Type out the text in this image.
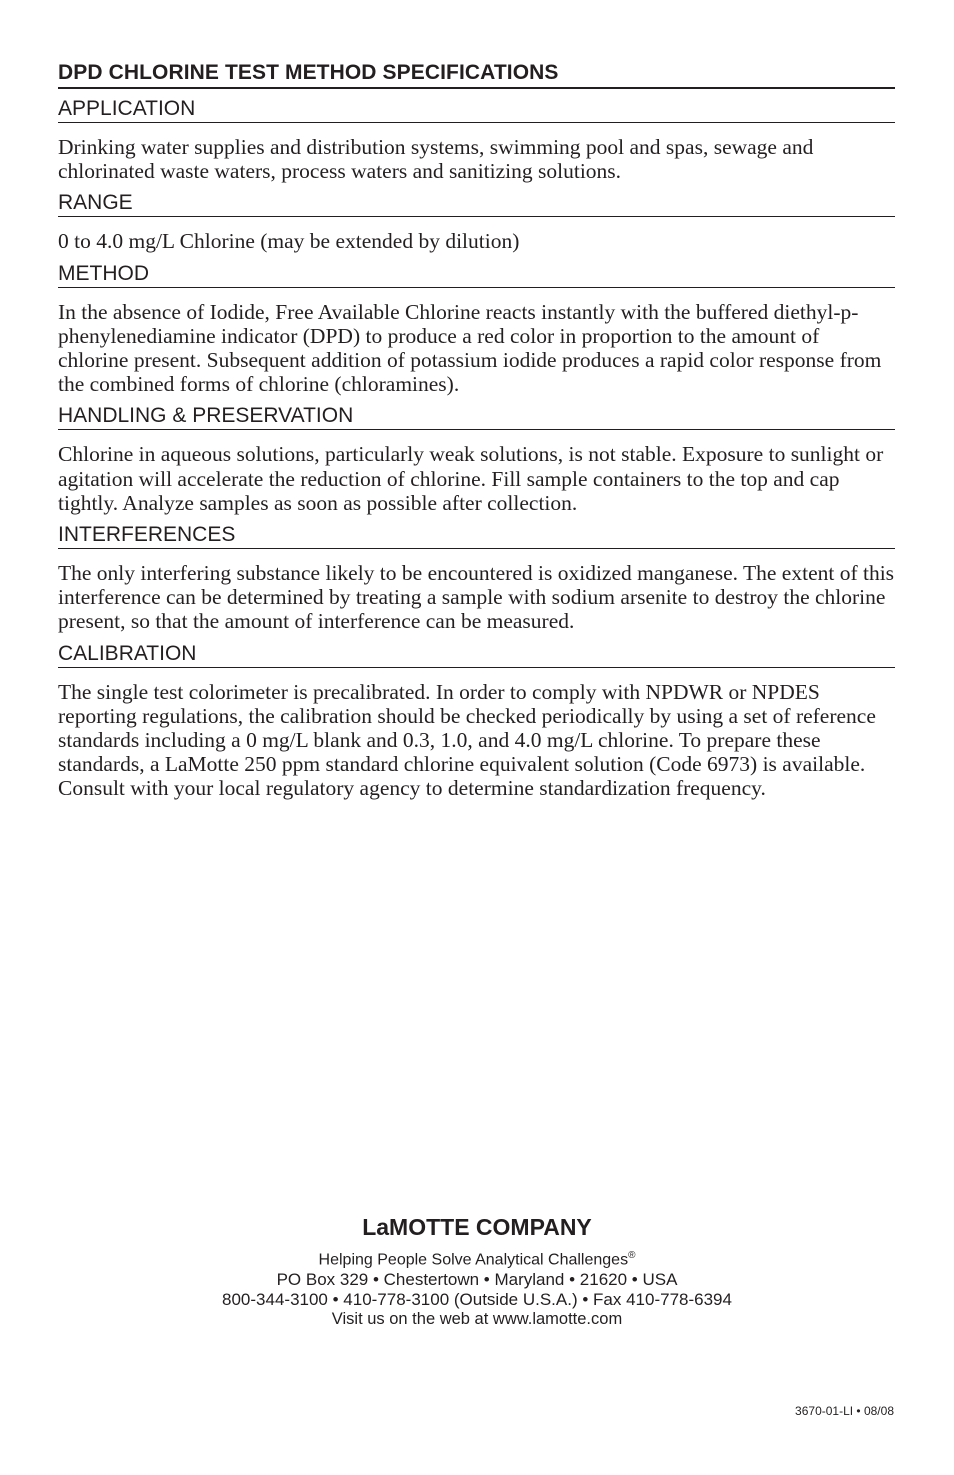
DPD CHLORINE TEST METHOD SPECIFICATIONS
APPLICATION

Drinking water supplies and distribution systems, swimming pool and spas, sewage and chlorinated waste waters, process waters and sanitizing solutions.

RANGE

0 to 4.0 mg/L Chlorine (may be extended by dilution)

METHOD

In the absence of Iodide, Free Available Chlorine reacts instantly with the buffered diethyl-p-phenylenediamine indicator (DPD) to produce a red color in proportion to the amount of chlorine present. Subsequent addition of potassium iodide produces a rapid color response from the combined forms of chlorine (chloramines).

HANDLING & PRESERVATION

Chlorine in aqueous solutions, particularly weak solutions, is not stable. Exposure to sunlight or agitation will accelerate the reduction of chlorine. Fill sample containers to the top and cap tightly. Analyze samples as soon as possible after collection.

INTERFERENCES

The only interfering substance likely to be encountered is oxidized manganese. The extent of this interference can be determined by treating a sample with sodium arsenite to destroy the chlorine present, so that the amount of interference can be measured.

CALIBRATION

The single test colorimeter is precalibrated. In order to comply with NPDWR or NPDES reporting regulations, the calibration should be checked periodically by using a set of reference standards including a 0 mg/L blank and 0.3, 1.0, and 4.0 mg/L chlorine. To prepare these standards, a LaMotte 250 ppm standard chlorine equivalent solution (Code 6973) is available. Consult with your local regulatory agency to determine standardization frequency.

LaMOTTE COMPANY
Helping People Solve Analytical Challenges®
PO Box 329 • Chestertown • Maryland • 21620 • USA
800-344-3100 • 410-778-3100 (Outside U.S.A.) • Fax 410-778-6394
Visit us on the web at www.lamotte.com
3670-01-LI • 08/08
